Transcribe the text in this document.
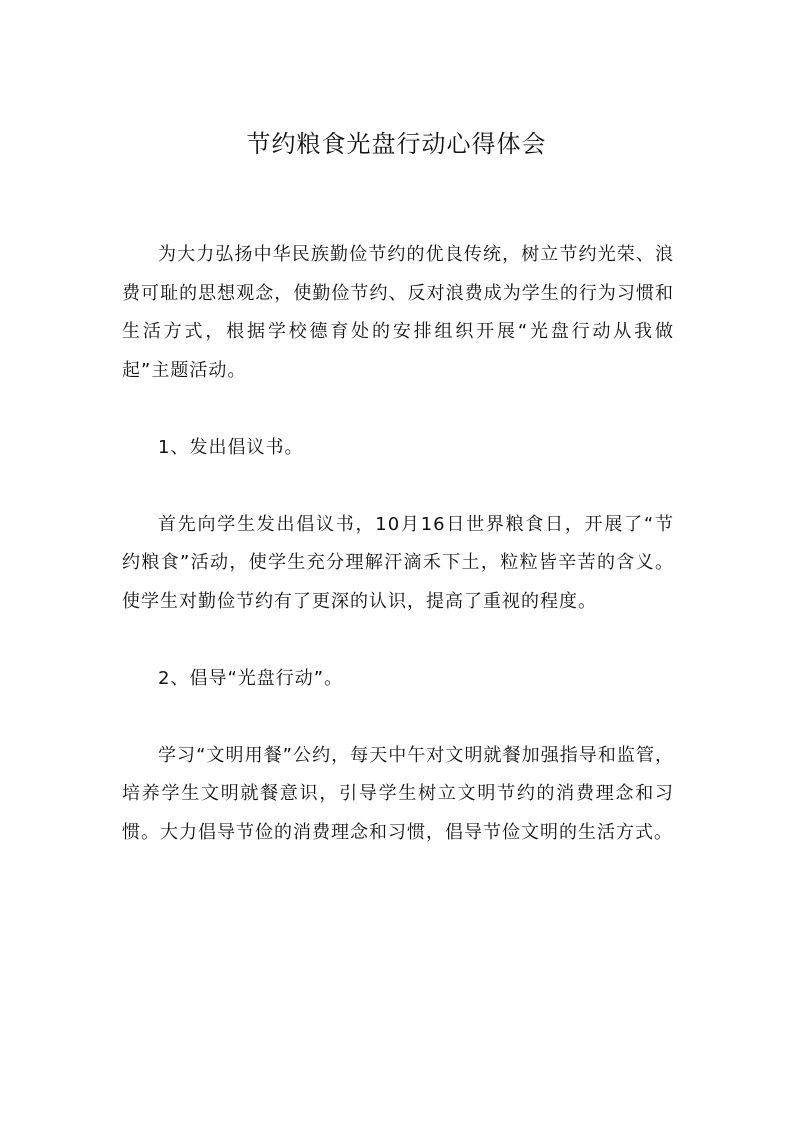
节约粮食光盘行动心得体会

为大力弘扬中华民族勤俭节约的优良传统，树立节约光荣、浪费可耻的思想观念，使勤俭节约、反对浪费成为学生的行为习惯和生活方式，根据学校德育处的安排组织开展“光盘行动从我做起”主题活动。

1、发出倡议书。

首先向学生发出倡议书，10月16日世界粮食日，开展了“节约粮食”活动，使学生充分理解汗滴禾下土，粒粒皆辛苦的含义。使学生对勤俭节约有了更深的认识，提高了重视的程度。

2、倡导“光盘行动”。

学习“文明用餐”公约，每天中午对文明就餐加强指导和监管，培养学生文明就餐意识，引导学生树立文明节约的消费理念和习惯。大力倡导节俭的消费理念和习惯，倡导节俭文明的生活方式。
